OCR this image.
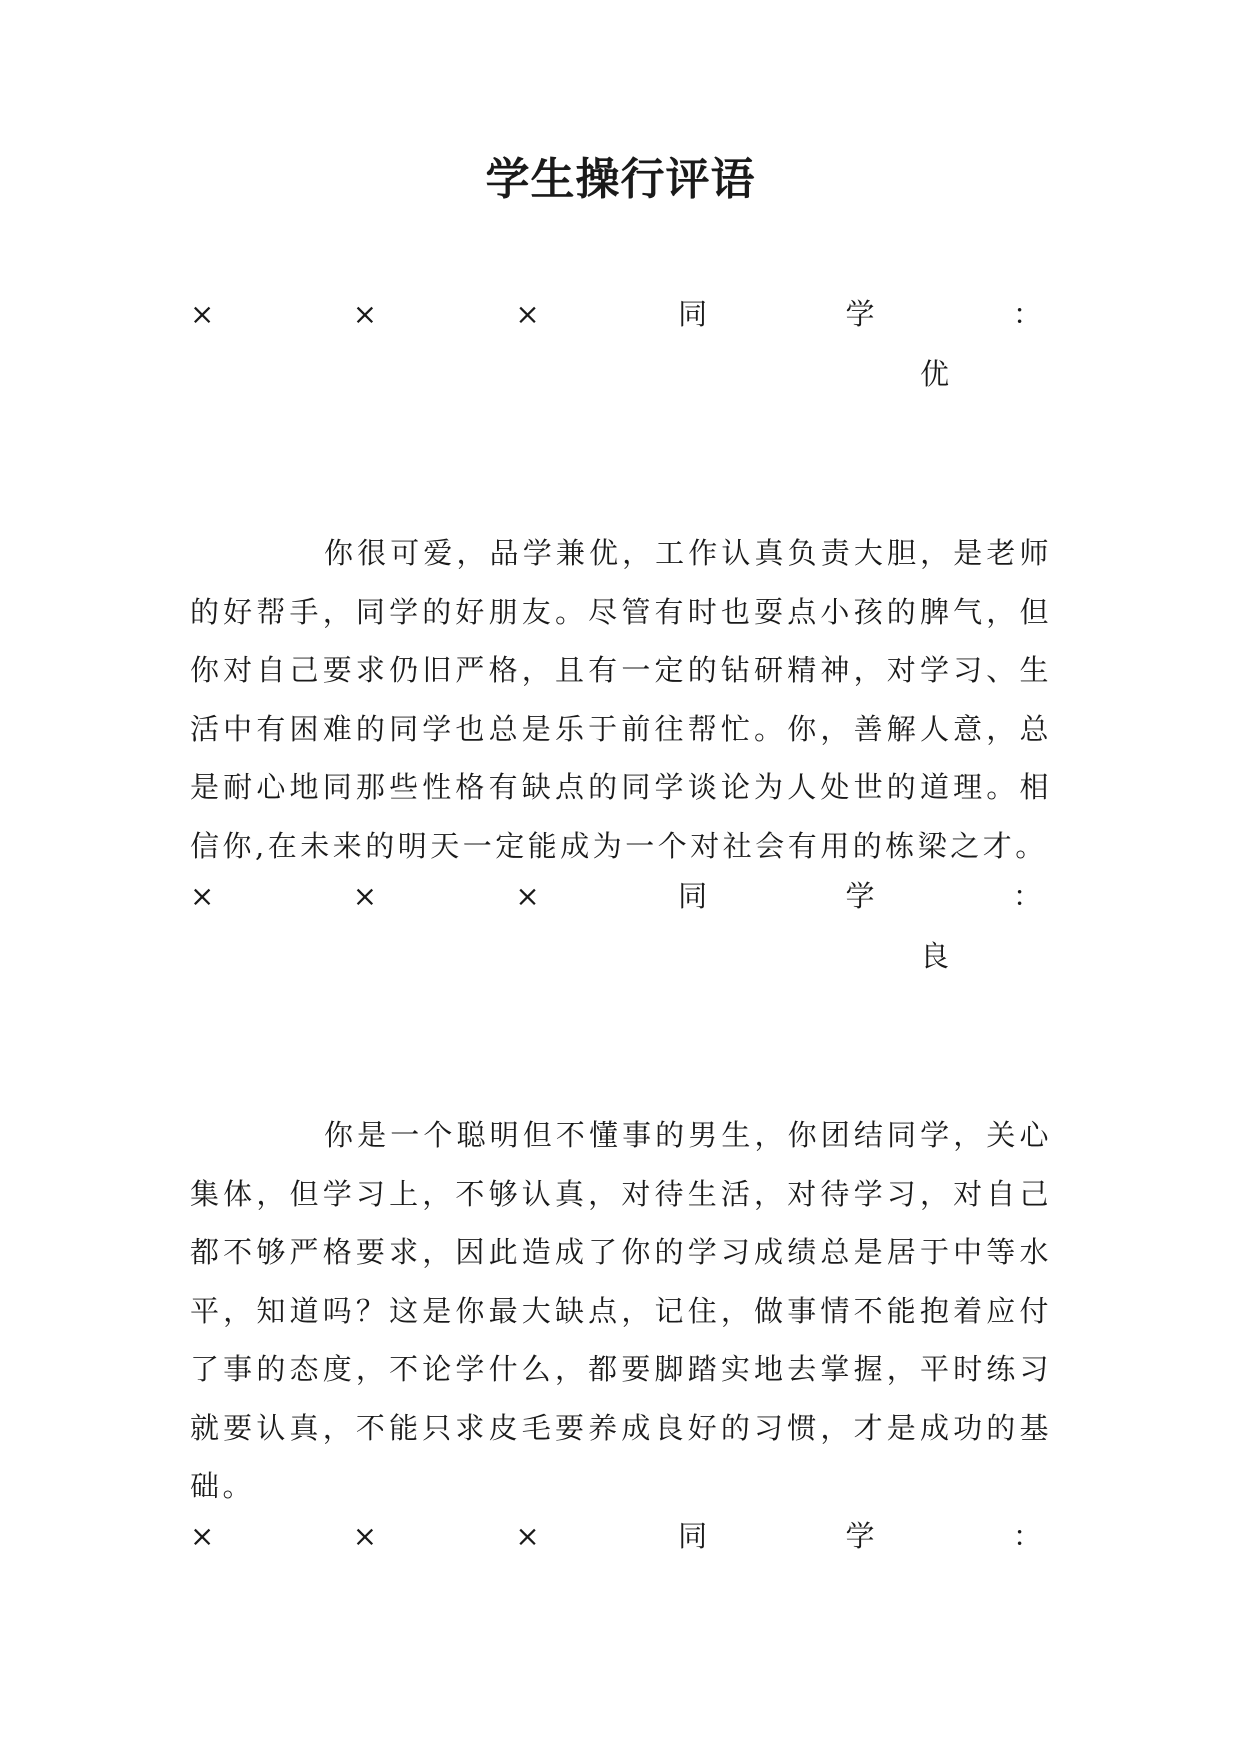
学生操行评语
×	×	×	同	学	：
优

你很可爱，品学兼优，工作认真负责大胆，是老师的好帮手，同学的好朋友。尽管有时也耍点小孩的脾气，但你对自己要求仍旧严格，且有一定的钻研精神，对学习、生活中有困难的同学也总是乐于前往帮忙。你，善解人意，总是耐心地同那些性格有缺点的同学谈论为人处世的道理。相信你,在未来的明天一定能成为一个对社会有用的栋梁之才。

×	×	×	同	学	：
良

你是一个聪明但不懂事的男生，你团结同学，关心集体，但学习上，不够认真，对待生活，对待学习，对自己都不够严格要求，因此造成了你的学习成绩总是居于中等水平，知道吗？这是你最大缺点，记住，做事情不能抱着应付了事的态度，不论学什么，都要脚踏实地去掌握，平时练习就要认真，不能只求皮毛要养成良好的习惯，才是成功的基础。

×	×	×	同	学	：
